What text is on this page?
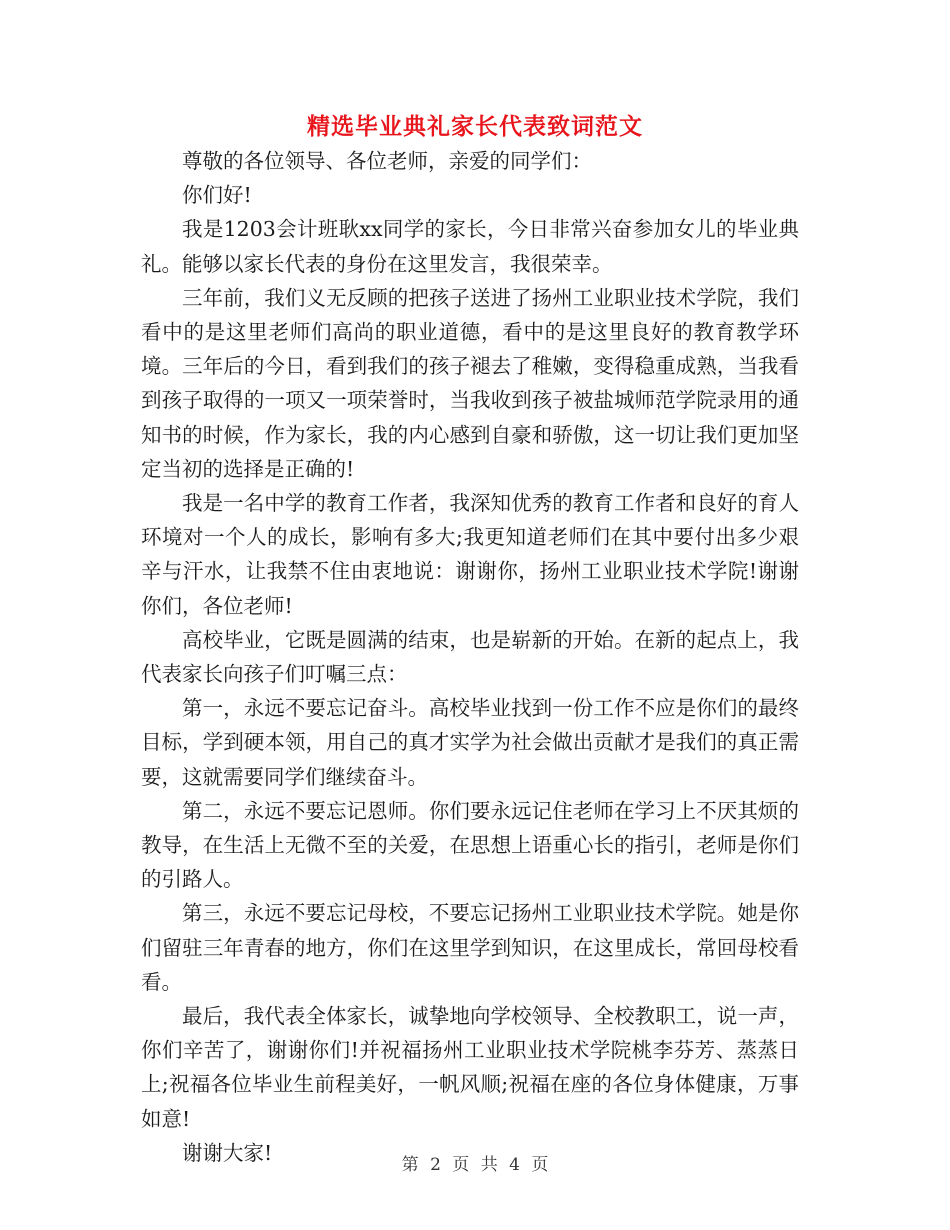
精选毕业典礼家长代表致词范文

尊敬的各位领导、各位老师，亲爱的同学们：

你们好!

我是1203会计班耿xx同学的家长，今日非常兴奋参加女儿的毕业典礼。能够以家长代表的身份在这里发言，我很荣幸。

三年前，我们义无反顾的把孩子送进了扬州工业职业技术学院，我们看中的是这里老师们高尚的职业道德，看中的是这里良好的教育教学环境。三年后的今日，看到我们的孩子褪去了稚嫩，变得稳重成熟，当我看到孩子取得的一项又一项荣誉时，当我收到孩子被盐城师范学院录用的通知书的时候，作为家长，我的内心感到自豪和骄傲，这一切让我们更加坚定当初的选择是正确的!

我是一名中学的教育工作者，我深知优秀的教育工作者和良好的育人环境对一个人的成长，影响有多大;我更知道老师们在其中要付出多少艰辛与汗水，让我禁不住由衷地说：谢谢你，扬州工业职业技术学院!谢谢你们，各位老师!

高校毕业，它既是圆满的结束，也是崭新的开始。在新的起点上，我代表家长向孩子们叮嘱三点：

第一，永远不要忘记奋斗。高校毕业找到一份工作不应是你们的最终目标，学到硬本领，用自己的真才实学为社会做出贡献才是我们的真正需要，这就需要同学们继续奋斗。

第二，永远不要忘记恩师。你们要永远记住老师在学习上不厌其烦的教导，在生活上无微不至的关爱，在思想上语重心长的指引，老师是你们的引路人。

第三，永远不要忘记母校，不要忘记扬州工业职业技术学院。她是你们留驻三年青春的地方，你们在这里学到知识，在这里成长，常回母校看看。

最后，我代表全体家长，诚挚地向学校领导、全校教职工，说一声，你们辛苦了，谢谢你们!并祝福扬州工业职业技术学院桃李芬芳、蒸蒸日上;祝福各位毕业生前程美好，一帆风顺;祝福在座的各位身体健康，万事如意!

谢谢大家!

第 2 页 共 4 页
